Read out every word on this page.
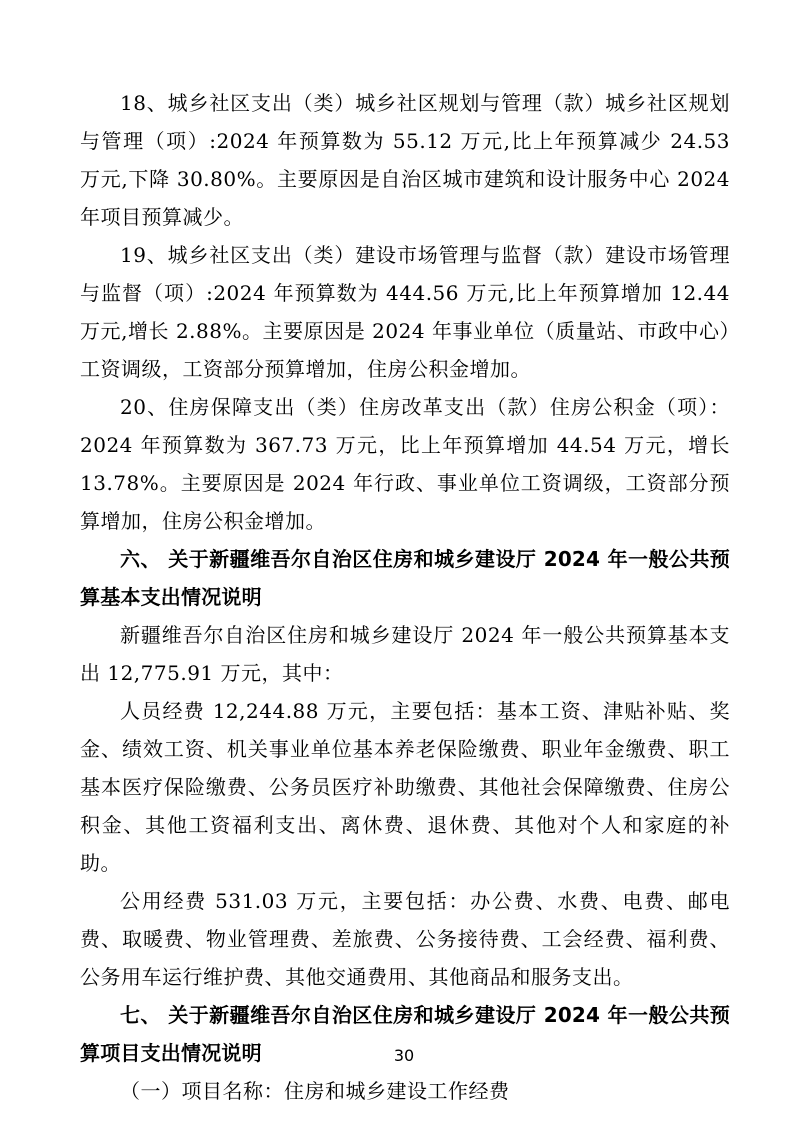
18、城乡社区支出（类）城乡社区规划与管理（款）城乡社区规划与管理（项）:2024 年预算数为 55.12 万元,比上年预算减少 24.53 万元,下降 30.80%。主要原因是自治区城市建筑和设计服务中心 2024 年项目预算减少。

19、城乡社区支出（类）建设市场管理与监督（款）建设市场管理与监督（项）:2024 年预算数为 444.56 万元,比上年预算增加 12.44 万元,增长 2.88%。主要原因是 2024 年事业单位（质量站、市政中心）工资调级，工资部分预算增加，住房公积金增加。

20、住房保障支出（类）住房改革支出（款）住房公积金（项）：2024 年预算数为 367.73 万元，比上年预算增加 44.54 万元，增长 13.78%。主要原因是 2024 年行政、事业单位工资调级，工资部分预算增加，住房公积金增加。

六、 关于新疆维吾尔自治区住房和城乡建设厅 2024 年一般公共预算基本支出情况说明

新疆维吾尔自治区住房和城乡建设厅 2024 年一般公共预算基本支出 12,775.91 万元，其中：

人员经费 12,244.88 万元，主要包括：基本工资、津贴补贴、奖金、绩效工资、机关事业单位基本养老保险缴费、职业年金缴费、职工基本医疗保险缴费、公务员医疗补助缴费、其他社会保障缴费、住房公积金、其他工资福利支出、离休费、退休费、其他对个人和家庭的补助。

公用经费 531.03 万元，主要包括：办公费、水费、电费、邮电费、取暖费、物业管理费、差旅费、公务接待费、工会经费、福利费、公务用车运行维护费、其他交通费用、其他商品和服务支出。

七、 关于新疆维吾尔自治区住房和城乡建设厅 2024 年一般公共预算项目支出情况说明

（一）项目名称：住房和城乡建设工作经费

30
